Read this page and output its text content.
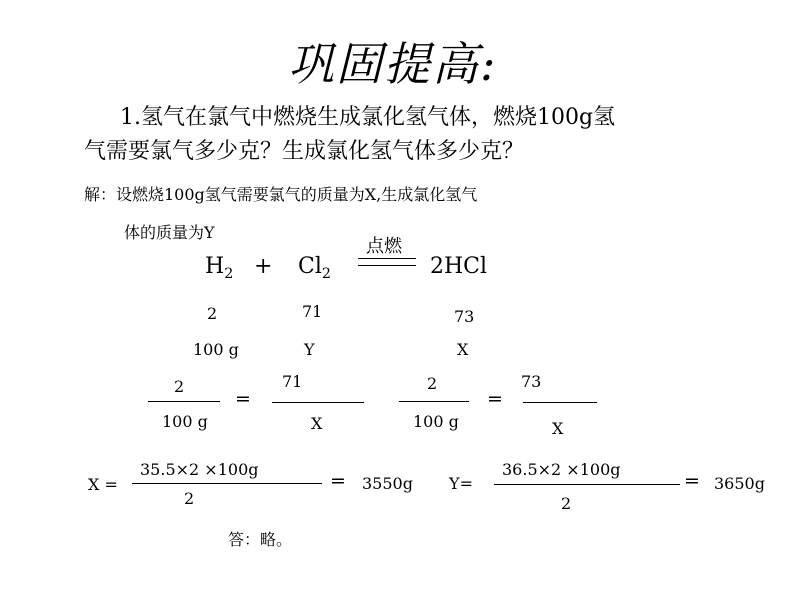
巩固提高:
1.氢气在氯气中燃烧生成氯化氢气体，燃烧100g氢
气需要氯气多少克？生成氯化氢气体多少克？
解：设燃烧100g氢气需要氯气的质量为X,生成氯化氢气
体的质量为Y
$H_2 + Cl_2$
点燃
2HCl
2	71	73
100 g	Y	X
2
100 g
=
71
X
2
100 g
=
73
X
X =
35.5×2 ×100g
2
= 3550g Y=
36.5×2 ×100g
2
= 3650g
答：略。
